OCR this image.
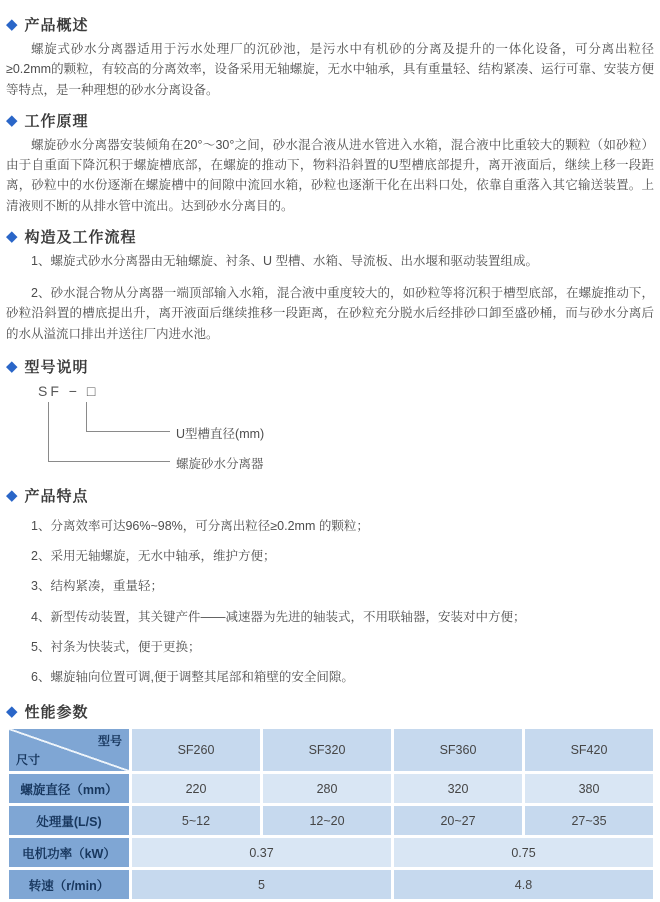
◆ 产品概述

螺旋式砂水分离器适用于污水处理厂的沉砂池，是污水中有机砂的分离及提升的一体化设备，可分离出粒径≥0.2mm的颗粒，有较高的分离效率，设备采用无轴螺旋，无水中轴承，具有重量轻、结构紧凑、运行可靠、安装方便等特点，是一种理想的砂水分离设备。

◆ 工作原理

螺旋砂水分离器安装倾角在20°～30°之间，砂水混合液从进水管进入水箱，混合液中比重较大的颗粒（如砂粒）由于自重面下降沉积于螺旋槽底部，在螺旋的推动下，物料沿斜置的U型槽底部提升，离开液面后，继续上移一段距离，砂粒中的水份逐渐在螺旋槽中的间隙中流回水箱，砂粒也逐渐干化在出料口处，依靠自重落入其它输送装置。上清液则不断的从排水管中流出。达到砂水分离目的。

◆ 构造及工作流程

1、螺旋式砂水分离器由无轴螺旋、衬条、U 型槽、水箱、导流板、出水堰和驱动装置组成。

2、砂水混合物从分离器一端顶部输入水箱，混合液中重度较大的，如砂粒等将沉积于槽型底部，在螺旋推动下，砂粒沿斜置的槽底提出升，离开液面后继续推移一段距离，在砂粒充分脱水后经排砂口卸至盛砂桶，而与砂水分离后的水从溢流口排出并送往厂内进水池。

◆ 型号说明
SF − □
U型槽直径(mm)
螺旋砂水分离器
◆ 产品特点

1、分离效率可达96%~98%，可分离出粒径≥0.2mm 的颗粒；

2、采用无轴螺旋，无水中轴承，维护方便；

3、结构紧凑，重量轻；

4、新型传动装置，其关键产件——减速器为先进的轴装式，不用联轴器，安装对中方便；

5、衬条为快装式，便于更换；

6、螺旋轴向位置可调,便于调整其尾部和箱壁的安全间隙。

◆ 性能参数
型号
尺寸	SF260	SF320	SF360	SF420
螺旋直径（mm）	220	280	320	380
处理量(L/S)	5~12	12~20	20~27	27~35
电机功率（kW）	0.37		0.75	
转速（r/min）	5		4.8	
